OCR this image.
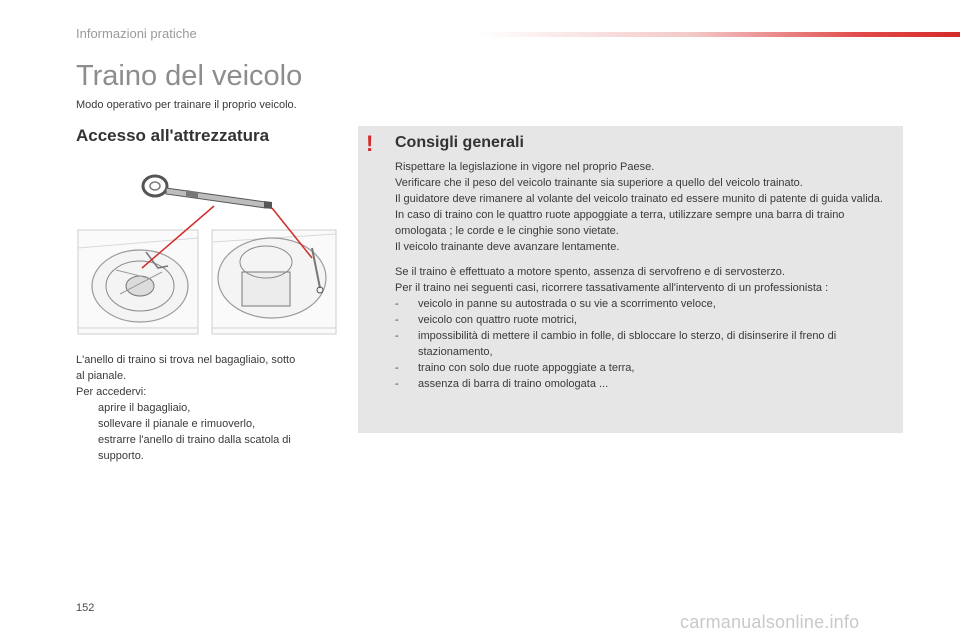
Informazioni pratiche
Traino del veicolo
Modo operativo per trainare il proprio veicolo.
Accesso all'attrezzatura

L'anello di traino si trova nel bagagliaio, sotto

al pianale.

Per accedervi:

aprire il bagagliaio,
sollevare il pianale e rimuoverlo,
estrarre l'anello di traino dalla scatola di supporto.
! Consigli generali

Rispettare la legislazione in vigore nel proprio Paese.

Verificare che il peso del veicolo trainante sia superiore a quello del veicolo trainato.

Il guidatore deve rimanere al volante del veicolo trainato ed essere munito di patente di guida valida.

In caso di traino con le quattro ruote appoggiate a terra, utilizzare sempre una barra di traino omologata ; le corde e le cinghie sono vietate.

Il veicolo trainante deve avanzare lentamente.

Se il traino è effettuato a motore spento, assenza di servofreno e di servosterzo.

Per il traino nei seguenti casi, ricorrere tassativamente all'intervento di un professionista :

-	veicolo in panne su autostrada o su vie a scorrimento veloce,
-	veicolo con quattro ruote motrici,
-	impossibilità di mettere il cambio in folle, di sbloccare lo sterzo, di disinserire il freno di stazionamento,
-	traino con solo due ruote appoggiate a terra,
-	assenza di barra di traino omologata ...
152
carmanualsonline.info
